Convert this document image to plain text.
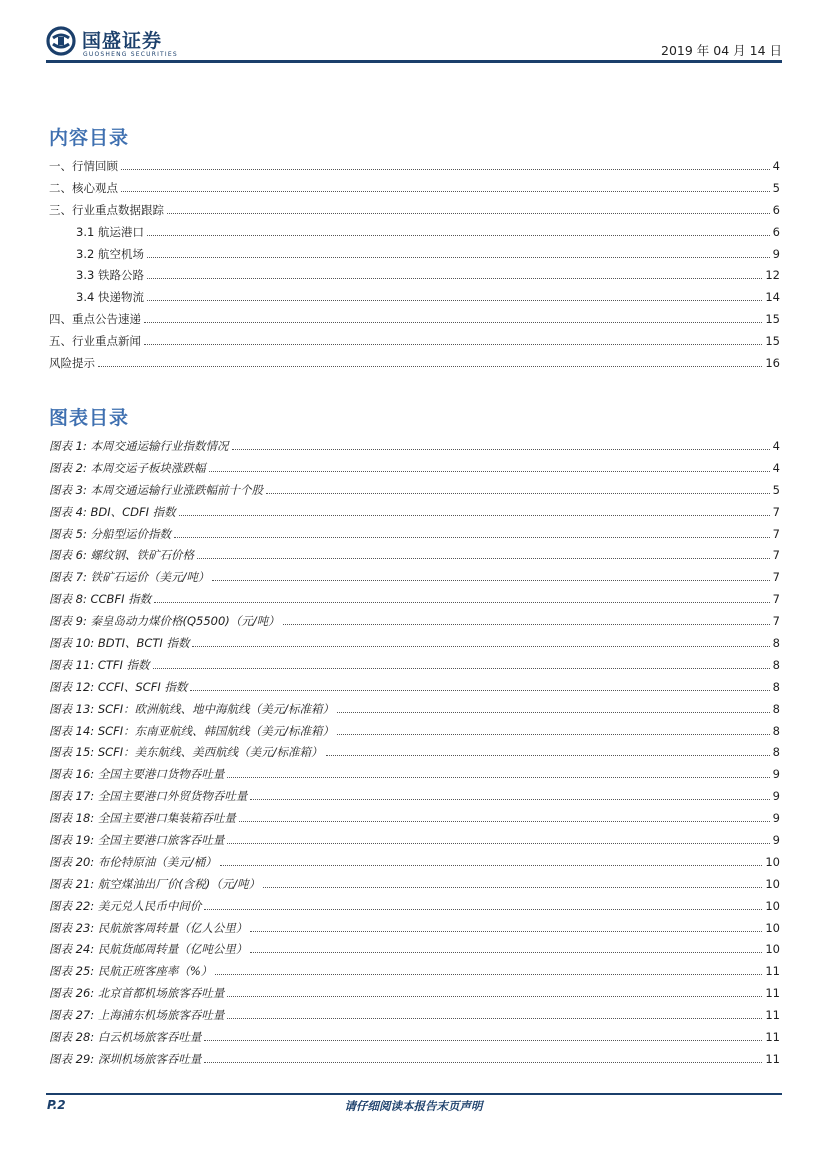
国盛证券
GUOSHENG SECURITIES	2019 年 04 月 14 日
内容目录
一、行情回顾	4
二、核心观点	5
三、行业重点数据跟踪	6
3.1 航运港口	6
3.2 航空机场	9
3.3 铁路公路	12
3.4 快递物流	14
四、重点公告速递	15
五、行业重点新闻	15
风险提示	16
图表目录
图表 1: 本周交通运输行业指数情况	4
图表 2: 本周交运子板块涨跌幅	4
图表 3: 本周交通运输行业涨跌幅前十个股	5
图表 4: BDI、CDFI 指数	7
图表 5: 分船型运价指数	7
图表 6: 螺纹钢、铁矿石价格	7
图表 7: 铁矿石运价（美元/吨）	7
图表 8: CCBFI 指数	7
图表 9: 秦皇岛动力煤价格(Q5500)（元/吨）	7
图表 10: BDTI、BCTI 指数	8
图表 11: CTFI 指数	8
图表 12: CCFI、SCFI 指数	8
图表 13: SCFI：欧洲航线、地中海航线（美元/标准箱）	8
图表 14: SCFI：东南亚航线、韩国航线（美元/标准箱）	8
图表 15: SCFI：美东航线、美西航线（美元/标准箱）	8
图表 16: 全国主要港口货物吞吐量	9
图表 17: 全国主要港口外贸货物吞吐量	9
图表 18: 全国主要港口集装箱吞吐量	9
图表 19: 全国主要港口旅客吞吐量	9
图表 20: 布伦特原油（美元/桶）	10
图表 21: 航空煤油出厂价(含税)（元/吨）	10
图表 22: 美元兑人民币中间价	10
图表 23: 民航旅客周转量（亿人公里）	10
图表 24: 民航货邮周转量（亿吨公里）	10
图表 25: 民航正班客座率（%）	11
图表 26: 北京首都机场旅客吞吐量	11
图表 27: 上海浦东机场旅客吞吐量	11
图表 28: 白云机场旅客吞吐量	11
图表 29: 深圳机场旅客吞吐量	11
P.2	请仔细阅读本报告末页声明
